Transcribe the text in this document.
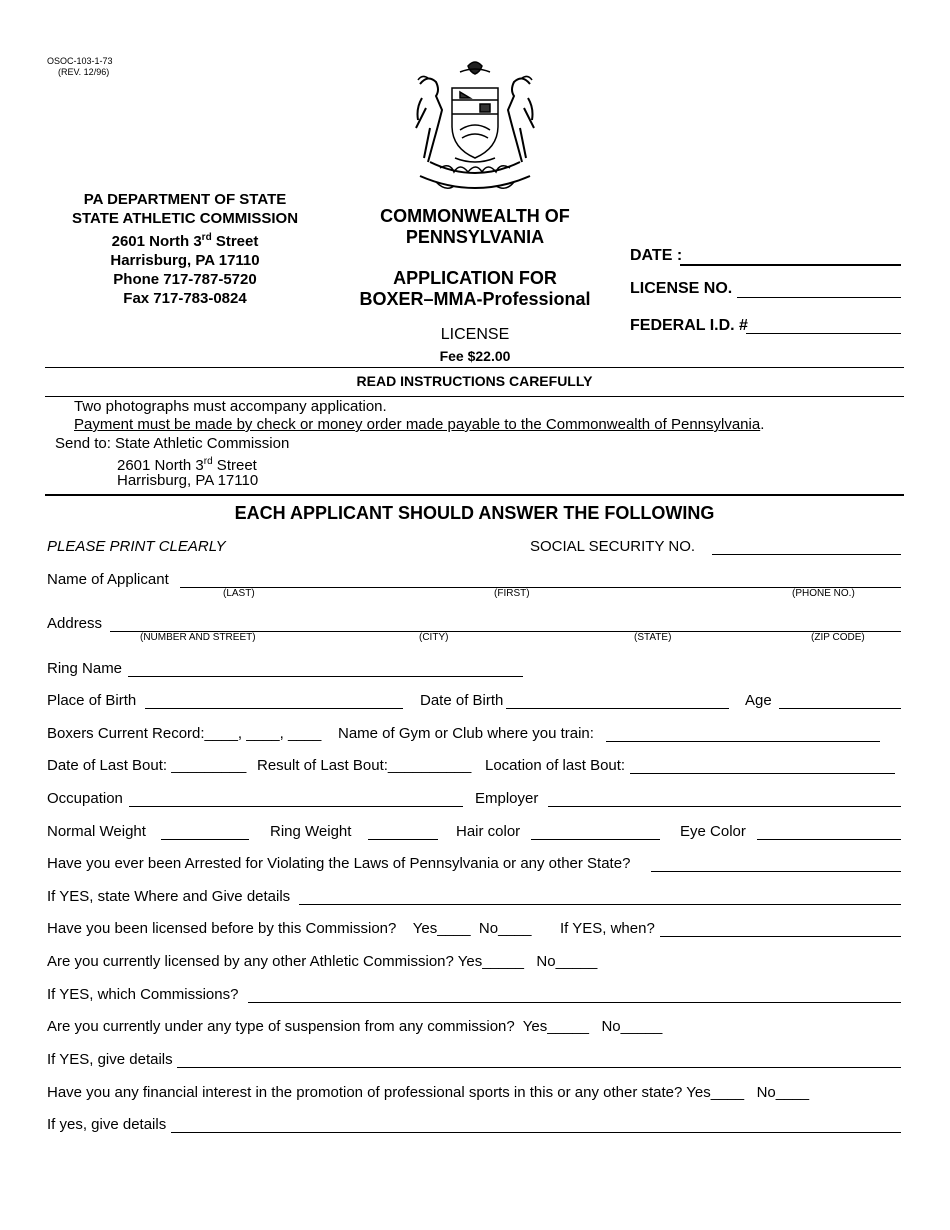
OSOC-103-1-73
(REV. 12/96)
PA DEPARTMENT OF STATE
STATE ATHLETIC COMMISSION
2601 North 3rd Street
Harrisburg, PA 17110
Phone 717-787-5720
Fax 717-783-0824
COMMONWEALTH OF
PENNSYLVANIA
APPLICATION FOR
BOXER–MMA-Professional
LICENSE
Fee $22.00
DATE :
LICENSE NO.
FEDERAL I.D. #
READ INSTRUCTIONS CAREFULLY
Two photographs must accompany application.
Payment must be made by check or money order made payable to the Commonwealth of Pennsylvania.
Send to: State Athletic Commission
2601 North 3rd Street
Harrisburg, PA 17110
EACH APPLICANT SHOULD ANSWER THE FOLLOWING
PLEASE PRINT CLEARLY	SOCIAL SECURITY NO.
Name of Applicant
(LAST)	(FIRST)	(PHONE NO.)
Address
(NUMBER AND STREET)	(CITY)	(STATE)	(ZIP CODE)
Ring Name
Place of Birth	Date of Birth	Age
Boxers Current Record:____, ____, ____ Name of Gym or Club where you train:
Date of Last Bout: _________ Result of Last Bout:__________ Location of last Bout:
Occupation	Employer
Normal Weight	Ring Weight	Hair color	Eye Color
Have you ever been Arrested for Violating the Laws of Pennsylvania or any other State?
If YES, state Where and Give details
Have you been licensed before by this Commission?    Yes____  No____ If YES, when?
Are you currently licensed by any other Athletic Commission? Yes_____   No_____
If YES, which Commissions?
Are you currently under any type of suspension from any commission?  Yes_____   No_____
If YES, give details
Have you any financial interest in the promotion of professional sports in this or any other state? Yes____   No____
If yes, give details
